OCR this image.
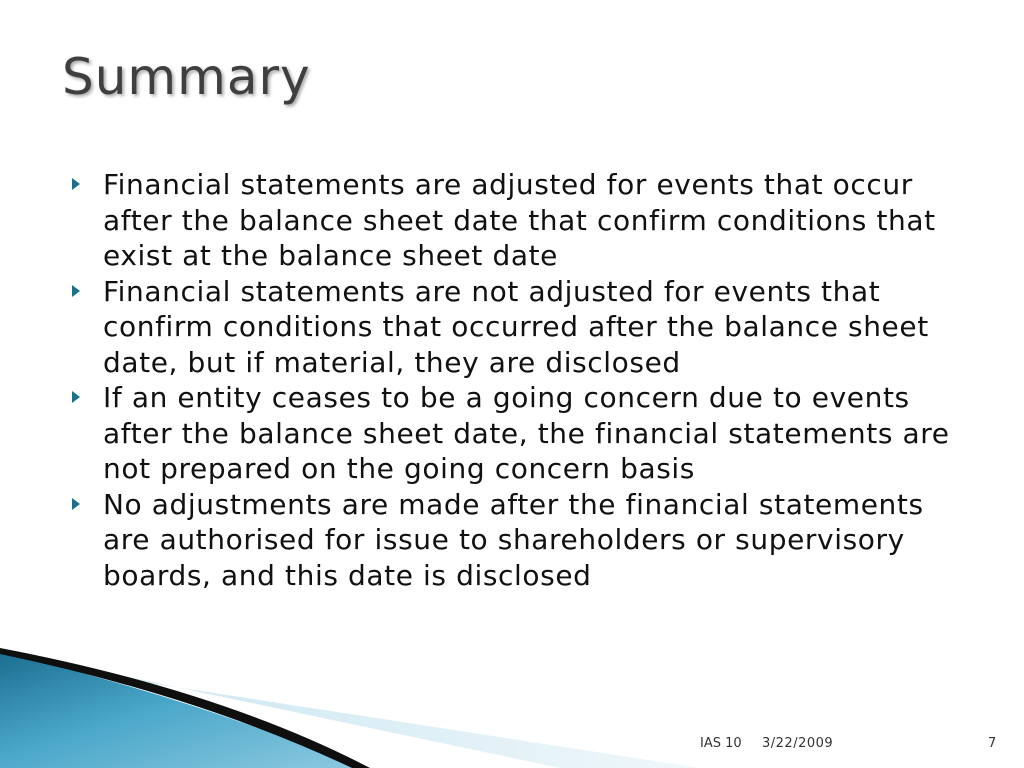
Summary
Financial statements are adjusted for events that occur after the balance sheet date that confirm conditions that exist at the balance sheet date
Financial statements are not adjusted for events that confirm conditions that occurred after the balance sheet date, but if material, they are disclosed
If an entity ceases to be a going concern due to events after the balance sheet date, the financial statements are not prepared on the going concern basis
No adjustments are made after the financial statements are authorised for issue to shareholders or supervisory boards, and this date is disclosed
IAS 10 3/22/2009	7
